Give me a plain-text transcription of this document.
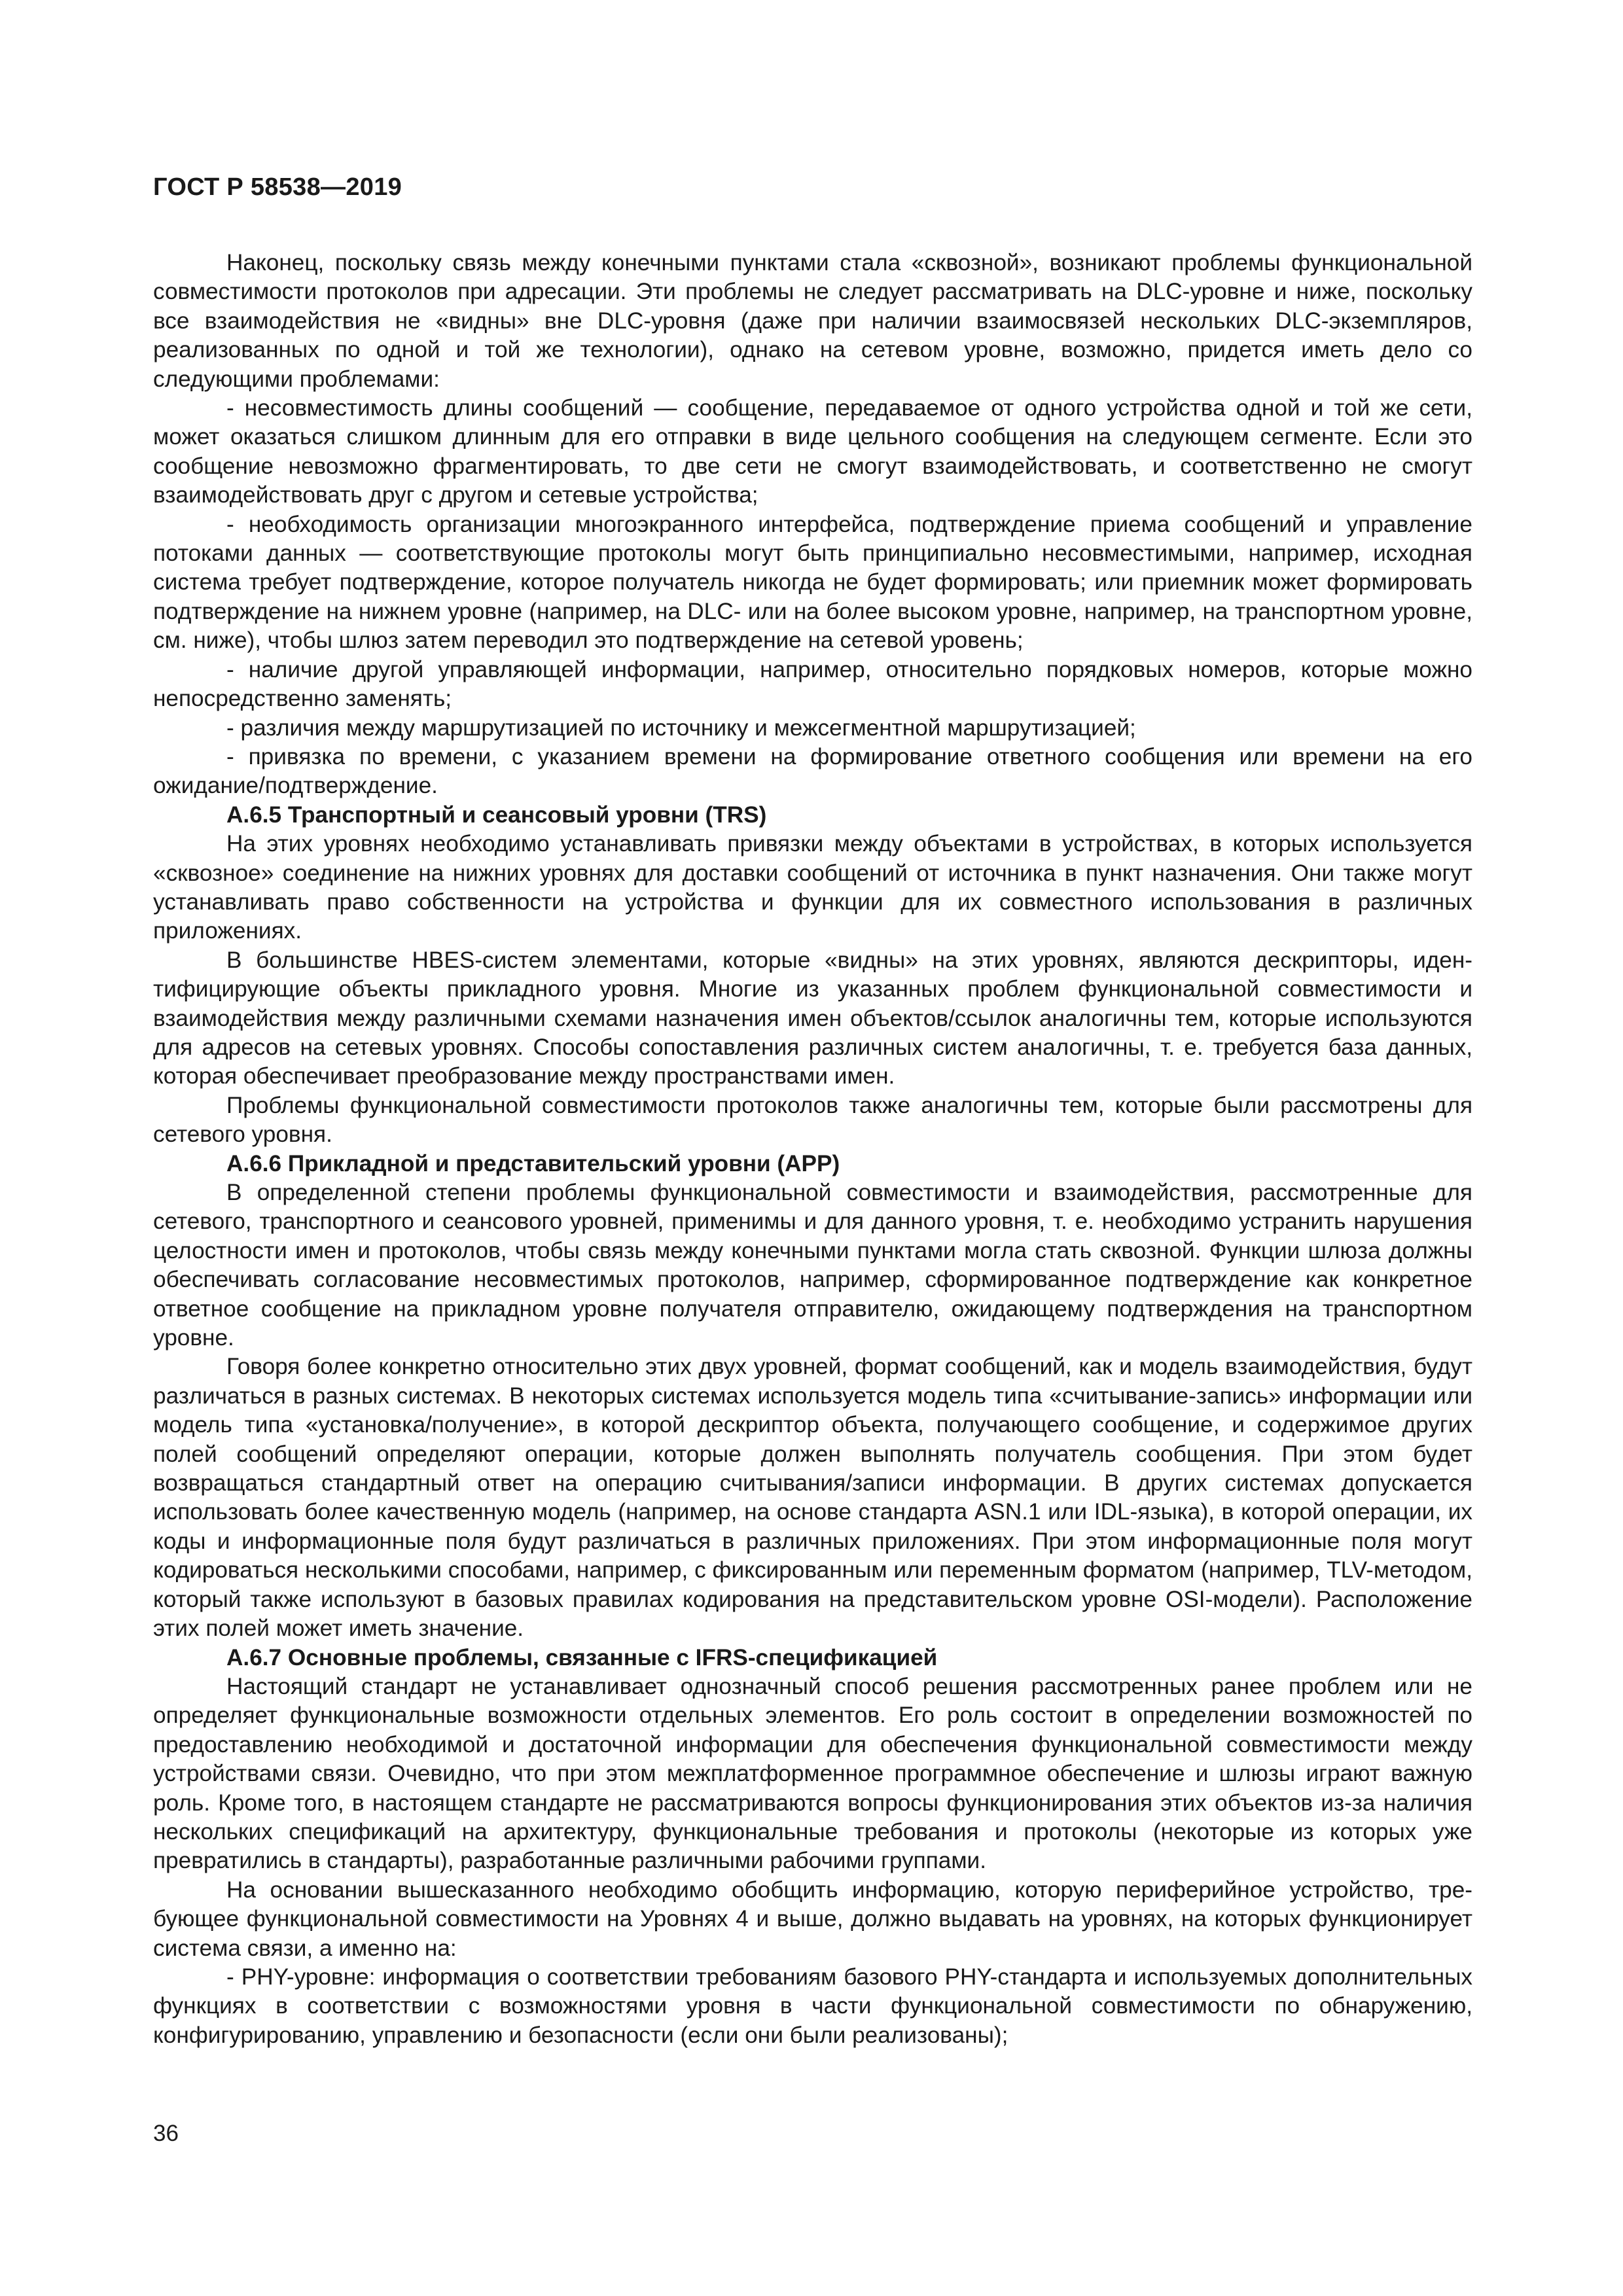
ГОСТ Р 58538—2019

Наконец, поскольку связь между конечными пунктами стала «сквозной», возникают проблемы функциональной совместимости протоколов при адресации. Эти проблемы не следует рассматривать на DLC-уровне и ниже, поскольку все взаимодействия не «видны» вне DLC-уровня (даже при наличии взаимосвязей нескольких DLC-экземпляров, реализованных по одной и той же технологии), однако на сетевом уровне, возможно, придется иметь дело со следующими проблемами:

- несовместимость длины сообщений — сообщение, передаваемое от одного устройства одной и той же сети, может оказаться слишком длинным для его отправки в виде цельного сообщения на следующем сегменте. Если это сообщение невозможно фрагментировать, то две сети не смогут взаимодействовать, и соответственно не смогут взаимодействовать друг с другом и сетевые устройства;

- необходимость организации многоэкранного интерфейса, подтверждение приема сообщений и управление потоками данных — соответствующие протоколы могут быть принципиально несовместимыми, например, исходная система требует подтверждение, которое получатель никогда не будет формировать; или приемник может формировать подтверждение на нижнем уровне (например, на DLC- или на более высоком уровне, например, на транспортном уровне, см. ниже), чтобы шлюз затем переводил это подтверждение на сетевой уровень;

- наличие другой управляющей информации, например, относительно порядковых номеров, которые можно непосредственно заменять;

- различия между маршрутизацией по источнику и межсегментной маршрутизацией;

- привязка по времени, с указанием времени на формирование ответного сообщения или времени на его ожидание/подтверждение.

А.6.5 Транспортный и сеансовый уровни (TRS)

На этих уровнях необходимо устанавливать привязки между объектами в устройствах, в которых используется «сквозное» соединение на нижних уровнях для доставки сообщений от источника в пункт назначения. Они также могут устанавливать право собственности на устройства и функции для их совместного использования в различных приложениях.

В большинстве HBES-систем элементами, которые «видны» на этих уровнях, являются дескрипторы, идентифицирующие объекты прикладного уровня. Многие из указанных проблем функциональной совместимости и взаимодействия между различными схемами назначения имен объектов/ссылок аналогичны тем, которые используются для адресов на сетевых уровнях. Способы сопоставления различных систем аналогичны, т. е. требуется база данных, которая обеспечивает преобразование между пространствами имен.

Проблемы функциональной совместимости протоколов также аналогичны тем, которые были рассмотрены для сетевого уровня.

А.6.6 Прикладной и представительский уровни (APP)

В определенной степени проблемы функциональной совместимости и взаимодействия, рассмотренные для сетевого, транспортного и сеансового уровней, применимы и для данного уровня, т. е. необходимо устранить нарушения целостности имен и протоколов, чтобы связь между конечными пунктами могла стать сквозной. Функции шлюза должны обеспечивать согласование несовместимых протоколов, например, сформированное подтверждение как конкретное ответное сообщение на прикладном уровне получателя отправителю, ожидающему подтверждения на транспортном уровне.

Говоря более конкретно относительно этих двух уровней, формат сообщений, как и модель взаимодействия, будут различаться в разных системах. В некоторых системах используется модель типа «считывание-запись» информации или модель типа «установка/получение», в которой дескриптор объекта, получающего сообщение, и содержимое других полей сообщений определяют операции, которые должен выполнять получатель сообщения. При этом будет возвращаться стандартный ответ на операцию считывания/записи информации. В других системах допускается использовать более качественную модель (например, на основе стандарта ASN.1 или IDL-языка), в которой операции, их коды и информационные поля будут различаться в различных приложениях. При этом информационные поля могут кодироваться несколькими способами, например, с фиксированным или переменным форматом (например, TLV-методом, который также используют в базовых правилах кодирования на представительском уровне OSI-модели). Расположение этих полей может иметь значение.

А.6.7 Основные проблемы, связанные с IFRS-спецификацией

Настоящий стандарт не устанавливает однозначный способ решения рассмотренных ранее проблем или не определяет функциональные возможности отдельных элементов. Его роль состоит в определении возможностей по предоставлению необходимой и достаточной информации для обеспечения функциональной совместимости между устройствами связи. Очевидно, что при этом межплатформенное программное обеспечение и шлюзы играют важную роль. Кроме того, в настоящем стандарте не рассматриваются вопросы функционирования этих объектов из-за наличия нескольких спецификаций на архитектуру, функциональные требования и протоколы (некоторые из которых уже превратились в стандарты), разработанные различными рабочими группами.

На основании вышесказанного необходимо обобщить информацию, которую периферийное устройство, требующее функциональной совместимости на Уровнях 4 и выше, должно выдавать на уровнях, на которых функционирует система связи, а именно на:

- PHY-уровне: информация о соответствии требованиям базового PHY-стандарта и используемых дополнительных функциях в соответствии с возможностями уровня в части функциональной совместимости по обнаружению, конфигурированию, управлению и безопасности (если они были реализованы);

36
